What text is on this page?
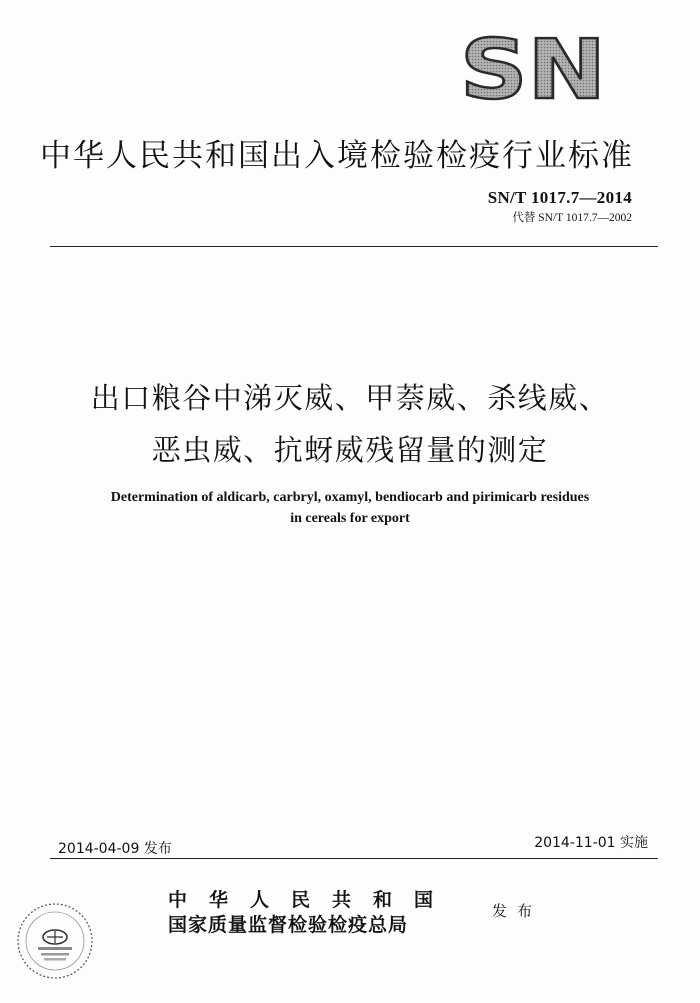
SN
中华人民共和国出入境检验检疫行业标准
SN/T 1017.7—2014
代替 SN/T 1017.7—2002
出口粮谷中涕灭威、甲萘威、杀线威、
恶虫威、抗蚜威残留量的测定
Determination of aldicarb, carbryl, oxamyl, bendiocarb and pirimicarb residues
in cereals for export
2014-04-09 发布	2014-11-01 实施
中华人民共和国
国家质量监督检验检疫总局
发布
